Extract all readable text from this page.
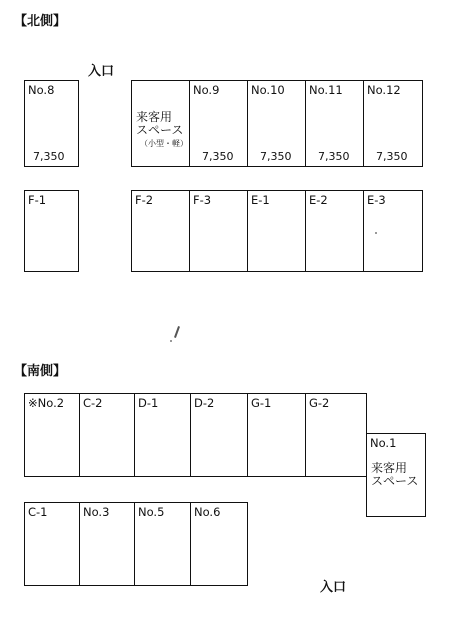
【北側】
入口
No.8
7,350
来客用
スペース
（小型・軽）
No.9
7,350
No.10
7,350
No.11
7,350
No.12
7,350
F-1	F-2	F-3	E-1	E-2	E-3
【南側】
※No.2 C-2	D-1	D-2	G-1	G-2
No.1
来客用
スペース
C-1	No.3 No.5	No.6
入口
